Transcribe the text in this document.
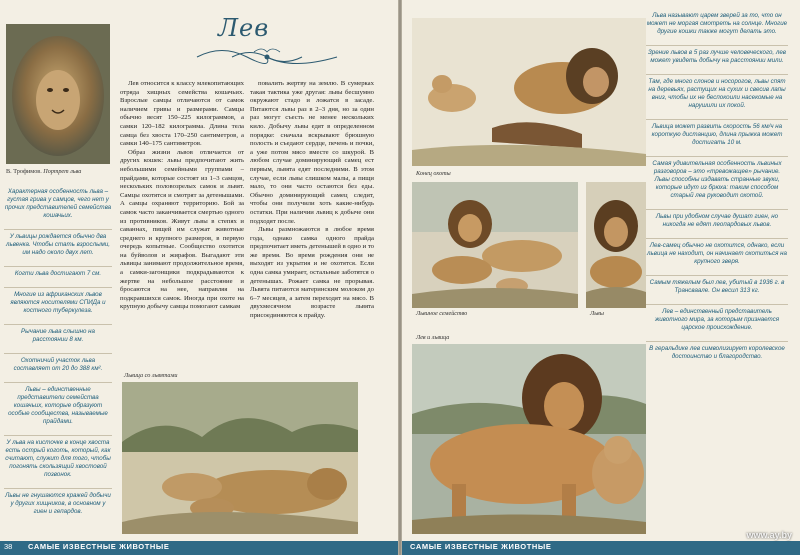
В. Трофимов. Портрет льва

Характерная особенность льва – густая грива у самцов, чего нет у прочих представителей семейства кошачьих.

У львицы рождается обычно два львенка. Чтобы стать взрослыми, им надо около двух лет.

Когти льва достигают 7 см.

Многие из африканских львов являются носителями СПИДа и костного туберкулеза.

Рычание льва слышно на расстоянии 8 км.

Охотничий участок льва составляет от 20 до 388 км².

Львы – единственные представители семейства кошачьих, которые образуют особые сообщества, называемые прайдами.

У льва на кисточке в конце хвоста есть острый коготь, который, как считают, служит для того, чтобы погонять скользящий хвостовой позвонок.

Львы не гнушаются кражей добычи у других хищников, в основном у гиен и гепардов.

Лев

Лев относится к классу млекопитающих отряда хищных семейства кошачьих. Взрослые самцы отличаются от самок наличием гривы и размерами. Самцы обычно весят 150–225 килограммов, а самки 120–182 килограмма. Длина тела самца без хвоста 170–250 сантиметров, а самки 140–175 сантиметров.

Образ жизни львов отличается от других кошек: львы предпочитают жить небольшими семейными группами – прайдами, которые состоят из 1–3 самцов, нескольких половозрелых самок и львят. Самцы охотятся и смотрят за детенышами. А самцы охраняют территорию. Бой за самок часто заканчивается смертью одного из противников. Живут львы в степях и саваннах, пищей им служат животные среднего и крупного размеров, в первую очередь копытные. Сообщество охотится на буйволов и жирафов. Выгадают эти львицы занимают продолжительное время, а самки-загонщики подкрадываются к жертве на небольшое расстояние и бросаются на нее, направляя на подкравшихся самок. Иногда при охоте на крупную добычу самцы помогают самкам

повалить жертву на землю. В сумерках такая тактика уже другая: львы бесшумно окружают стадо и ложатся в засаде. Питаются львы раз в 2–3 дня, но за один раз могут съесть не менее нескольких кило. Добычу львы едят в определенном порядке: сначала вскрывают брюшную полость и съедают сердце, печень и почки, а уже потом мясо вместе со шкурой. В любом случае доминирующий самец ест первым, львята едят последними. В этом случае, если львы слишком малы, а пищи мало, то они часто остаются без еды. Обычно доминирующий самец следит, чтобы они получили хоть какие-нибудь остатки. При наличии львиц к добыче они подходят после.

Львы размножаются в любое время года, однако самка одного прайда предпочитает иметь детенышей в одно и то же время. Во время рождения они не выходят из укрытия и не охотятся. Если одна самка умирает, остальные заботятся о детенышах. Рожает самка не прорывая. Львята питаются материнским молоком до 6–7 месяцев, а затем переходят на мясо. В двухмесячном возрасте львята присоединяются к прайду.

Львица со львятами
38 САМЫЕ ИЗВЕСТНЫЕ ЖИВОТНЫЕ
Конец охоты
Львиное семейство	Львы
Лев и львица

Льва называют царем зверей за то, что он может не моргая смотреть на солнце. Многие другие кошки также могут делать это.

Зрение львов в 5 раз лучше человеческого, лев может увидеть добычу на расстоянии мили.

Там, где много слонов и носорогов, львы спят на деревьях, растущих на сухих и свесив лапы вниз, чтобы их не беспокоили насекомые на нарушили их покой.

Львица может развить скорость 56 км/ч на короткую дистанцию, длина прыжка может достигать 10 м.

Самая удивительная особенность львиных разговоров – это «тревожащее» рычание. Львы способны издавать странные звуки, которые идут из брюха: таким способом старый лев руководит охотой.

Львы при удобном случае душат гиен, но никогда не едят леопардовых львов.

Лев-самец обычно не охотится, однако, если львица не находит, он начинает охотиться на крупного зверя.

Самым тяжелым был лев, убитый в 1936 г. в Трансваале. Он весил 313 кг.

Лев – единственный представитель животного мира, за которым признается царское происхождение.

В геральдике лев символизирует королевское достоинство и благородство.

САМЫЕ ИЗВЕСТНЫЕ ЖИВОТНЫЕ
www.ay.by
